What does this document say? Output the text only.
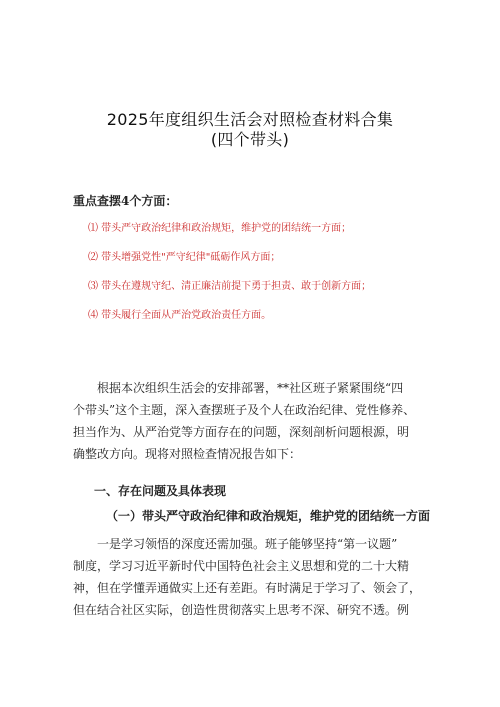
2025年度组织生活会对照检查材料合集
(四个带头)
重点查摆4个方面：
⑴ 带头严守政治纪律和政治规矩，维护党的团结统一方面；
⑵ 带头增强党性"严守纪律"砥砺作风方面；
⑶ 带头在遵规守纪、清正廉洁前提下勇于担责、敢于创新方面；
⑷ 带头履行全面从严治党政治责任方面。
　　根据本次组织生活会的安排部署，**社区班子紧紧围绕“四
个带头”这个主题，深入查摆班子及个人在政治纪律、党性修养、
担当作为、从严治党等方面存在的问题，深刻剖析问题根源，明
确整改方向。现将对照检查情况报告如下：
一、存在问题及具体表现
（一）带头严守政治纪律和政治规矩，维护党的团结统一方面
　　一是学习领悟的深度还需加强。班子能够坚持“第一议题”
制度，学习习近平新时代中国特色社会主义思想和党的二十大精
神，但在学懂弄通做实上还有差距。有时满足于学习了、领会了，
但在结合社区实际，创造性贯彻落实上思考不深、研究不透。例
